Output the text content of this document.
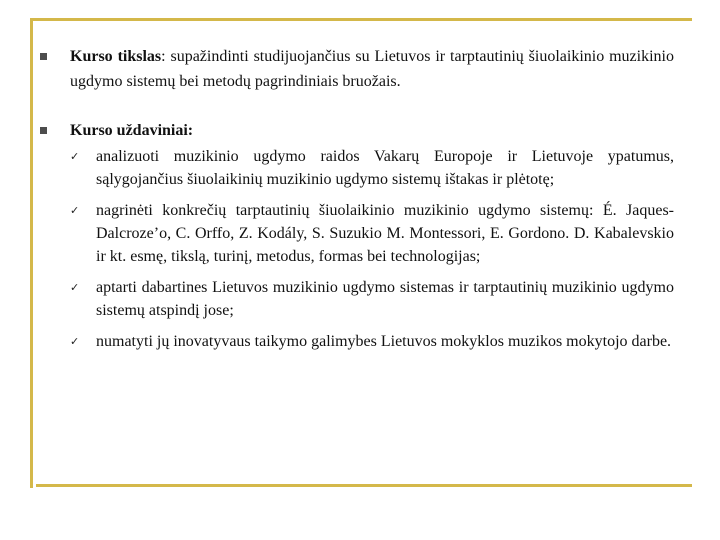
Kurso tikslas: supažindinti studijuojančius su Lietuvos ir tarptautinių šiuolaikinio muzikinio ugdymo sistemų bei metodų pagrindiniais bruožais.
Kurso uždaviniai:
✓ analizuoti muzikinio ugdymo raidos Vakarų Europoje ir Lietuvoje ypatumus, sąlygojančius šiuolaikinių muzikinio ugdymo sistemų ištakas ir plėtotę;
✓ nagrinėti konkrečių tarptautinių šiuolaikinio muzikinio ugdymo sistemų: É. Jaques-Dalcroze’o, C. Orffo, Z. Kodály, S. Suzukio M. Montessori, E. Gordono. D. Kabalevskio ir kt. esmę, tikslą, turinį, metodus, formas bei technologijas;
✓ aptarti dabartines Lietuvos muzikinio ugdymo sistemas ir tarptautinių muzikinio ugdymo sistemų atspindį jose;
✓ numatyti jų inovatyvaus taikymo galimybes Lietuvos mokyklos muzikos mokytojo darbe.
